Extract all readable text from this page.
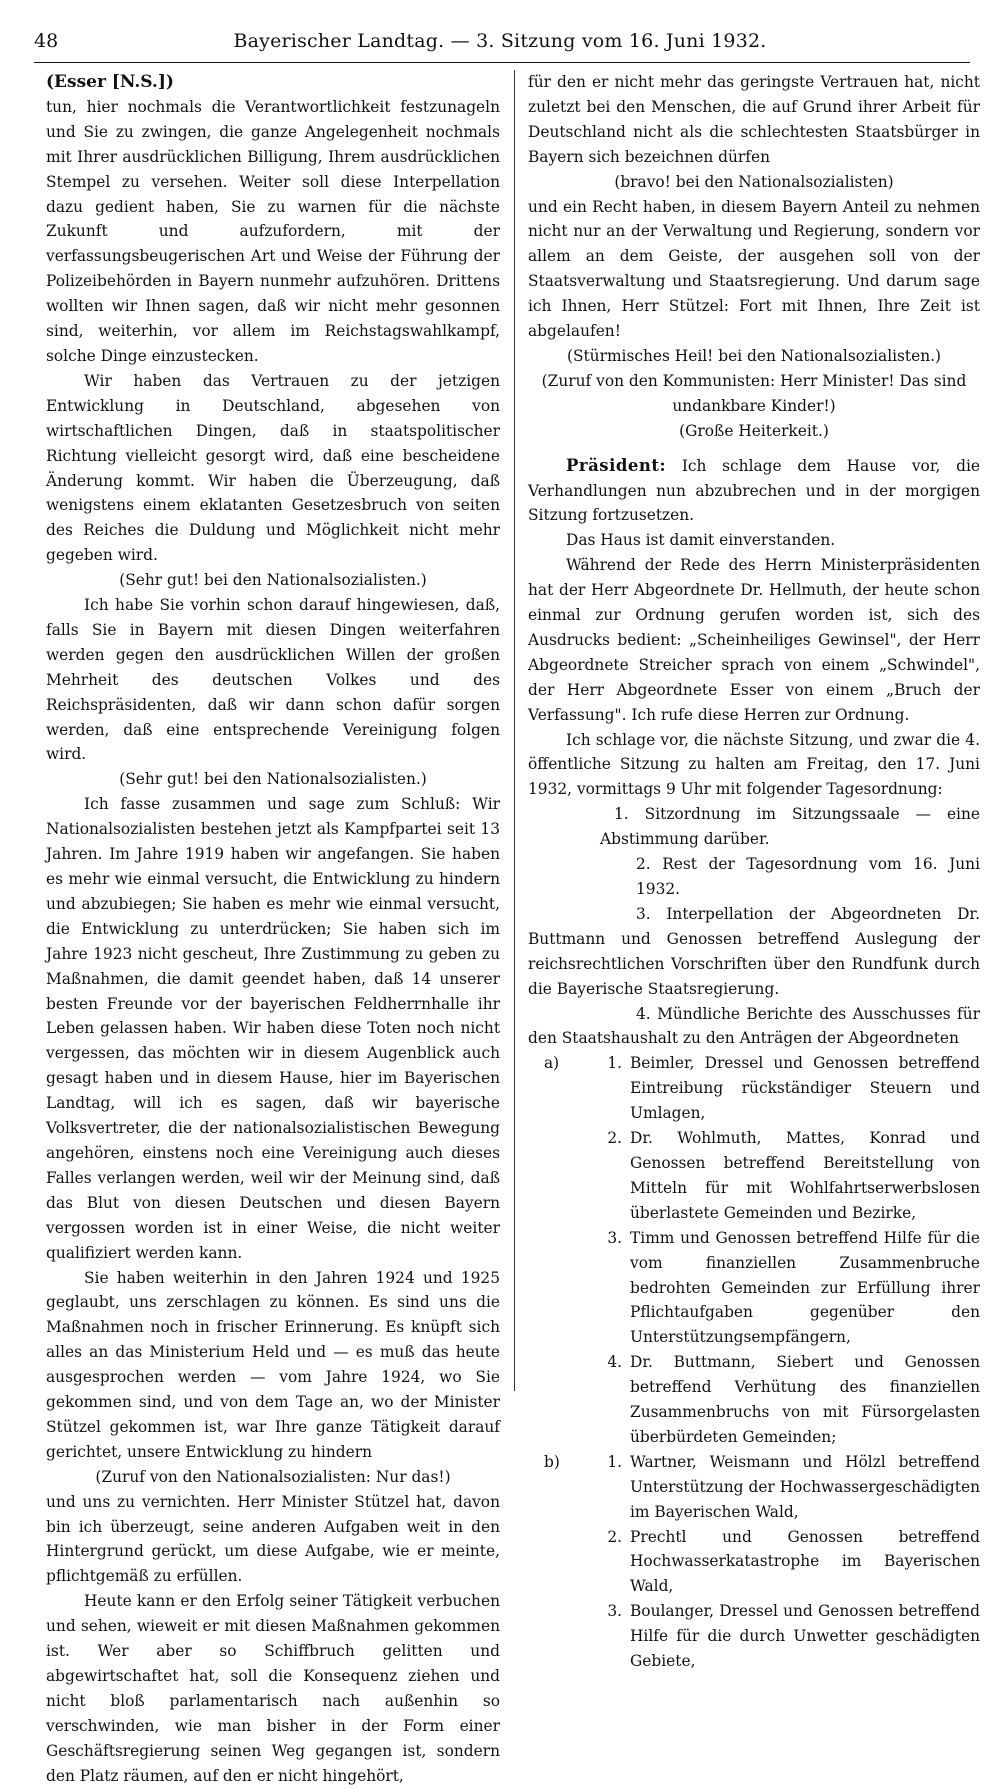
48	Bayerischer Landtag. — 3. Sitzung vom 16. Juni 1932.

(Esser [N.S.])

tun, hier nochmals die Verantwortlichkeit festzunageln und Sie zu zwingen, die ganze Angelegenheit nochmals mit Ihrer ausdrücklichen Billigung, Ihrem ausdrücklichen Stempel zu versehen. Weiter soll diese Interpellation dazu gedient haben, Sie zu warnen für die nächste Zukunft und aufzufordern, mit der verfassungsbeugerischen Art und Weise der Führung der Polizeibehörden in Bayern nunmehr aufzuhören. Drittens wollten wir Ihnen sagen, daß wir nicht mehr gesonnen sind, weiterhin, vor allem im Reichstagswahlkampf, solche Dinge einzustecken.

Wir haben das Vertrauen zu der jetzigen Entwicklung in Deutschland, abgesehen von wirtschaftlichen Dingen, daß in staatspolitischer Richtung vielleicht gesorgt wird, daß eine bescheidene Änderung kommt. Wir haben die Überzeugung, daß wenigstens einem eklatanten Gesetzesbruch von seiten des Reiches die Duldung und Möglichkeit nicht mehr gegeben wird.

(Sehr gut! bei den Nationalsozialisten.)

Ich habe Sie vorhin schon darauf hingewiesen, daß, falls Sie in Bayern mit diesen Dingen weiterfahren werden gegen den ausdrücklichen Willen der großen Mehrheit des deutschen Volkes und des Reichspräsidenten, daß wir dann schon dafür sorgen werden, daß eine entsprechende Vereinigung folgen wird.

(Sehr gut! bei den Nationalsozialisten.)

Ich fasse zusammen und sage zum Schluß: Wir Nationalsozialisten bestehen jetzt als Kampfpartei seit 13 Jahren. Im Jahre 1919 haben wir angefangen. Sie haben es mehr wie einmal versucht, die Entwicklung zu hindern und abzubiegen; Sie haben es mehr wie einmal versucht, die Entwicklung zu unterdrücken; Sie haben sich im Jahre 1923 nicht gescheut, Ihre Zustimmung zu geben zu Maßnahmen, die damit geendet haben, daß 14 unserer besten Freunde vor der bayerischen Feldherrnhalle ihr Leben gelassen haben. Wir haben diese Toten noch nicht vergessen, das möchten wir in diesem Augenblick auch gesagt haben und in diesem Hause, hier im Bayerischen Landtag, will ich es sagen, daß wir bayerische Volksvertreter, die der nationalsozialistischen Bewegung angehören, einstens noch eine Vereinigung auch dieses Falles verlangen werden, weil wir der Meinung sind, daß das Blut von diesen Deutschen und diesen Bayern vergossen worden ist in einer Weise, die nicht weiter qualifiziert werden kann.

Sie haben weiterhin in den Jahren 1924 und 1925 geglaubt, uns zerschlagen zu können. Es sind uns die Maßnahmen noch in frischer Erinnerung. Es knüpft sich alles an das Ministerium Held und — es muß das heute ausgesprochen werden — vom Jahre 1924, wo Sie gekommen sind, und von dem Tage an, wo der Minister Stützel gekommen ist, war Ihre ganze Tätigkeit darauf gerichtet, unsere Entwicklung zu hindern

(Zuruf von den Nationalsozialisten: Nur das!)

und uns zu vernichten. Herr Minister Stützel hat, davon bin ich überzeugt, seine anderen Aufgaben weit in den Hintergrund gerückt, um diese Aufgabe, wie er meinte, pflichtgemäß zu erfüllen.

Heute kann er den Erfolg seiner Tätigkeit verbuchen und sehen, wieweit er mit diesen Maßnahmen gekommen ist. Wer aber so Schiffbruch gelitten und abgewirtschaftet hat, soll die Konsequenz ziehen und nicht bloß parlamentarisch nach außenhin so verschwinden, wie man bisher in der Form einer Geschäftsregierung seinen Weg gegangen ist, sondern den Platz räumen, auf den er nicht hingehört,

für den er nicht mehr das geringste Vertrauen hat, nicht zuletzt bei den Menschen, die auf Grund ihrer Arbeit für Deutschland nicht als die schlechtesten Staatsbürger in Bayern sich bezeichnen dürfen

(bravo! bei den Nationalsozialisten)

und ein Recht haben, in diesem Bayern Anteil zu nehmen nicht nur an der Verwaltung und Regierung, sondern vor allem an dem Geiste, der ausgehen soll von der Staatsverwaltung und Staatsregierung. Und darum sage ich Ihnen, Herr Stützel: Fort mit Ihnen, Ihre Zeit ist abgelaufen!

(Stürmisches Heil! bei den Nationalsozialisten.)

(Zuruf von den Kommunisten: Herr Minister! Das sind undankbare Kinder!)

(Große Heiterkeit.)

Präsident: Ich schlage dem Hause vor, die Verhandlungen nun abzubrechen und in der morgigen Sitzung fortzusetzen.

Das Haus ist damit einverstanden.

Während der Rede des Herrn Ministerpräsidenten hat der Herr Abgeordnete Dr. Hellmuth, der heute schon einmal zur Ordnung gerufen worden ist, sich des Ausdrucks bedient: „Scheinheiliges Gewinsel", der Herr Abgeordnete Streicher sprach von einem „Schwindel", der Herr Abgeordnete Esser von einem „Bruch der Verfassung". Ich rufe diese Herren zur Ordnung.

Ich schlage vor, die nächste Sitzung, und zwar die 4. öffentliche Sitzung zu halten am Freitag, den 17. Juni 1932, vormittags 9 Uhr mit folgender Tagesordnung:

1. Sitzordnung im Sitzungssaale — eine Abstimmung darüber.

2. Rest der Tagesordnung vom 16. Juni 1932.

3. Interpellation der Abgeordneten Dr. Buttmann und Genossen betreffend Auslegung der reichsrechtlichen Vorschriften über den Rundfunk durch die Bayerische Staatsregierung.

4. Mündliche Berichte des Ausschusses für den Staatshaushalt zu den Anträgen der Abgeordneten

a)	1. Beimler, Dressel und Genossen betreffend Eintreibung rückständiger Steuern und Umlagen,
2. Dr. Wohlmuth, Mattes, Konrad und Genossen betreffend Bereitstellung von Mitteln für mit Wohlfahrtserwerbslosen überlastete Gemeinden und Bezirke,
3. Timm und Genossen betreffend Hilfe für die vom finanziellen Zusammenbruche bedrohten Gemeinden zur Erfüllung ihrer Pflichtaufgaben gegenüber den Unterstützungsempfängern,
4. Dr. Buttmann, Siebert und Genossen betreffend Verhütung des finanziellen Zusammenbruchs von mit Fürsorgelasten überbürdeten Gemeinden;
b)	1. Wartner, Weismann und Hölzl betreffend Unterstützung der Hochwassergeschädigten im Bayerischen Wald,
2. Prechtl und Genossen betreffend Hochwasserkatastrophe im Bayerischen Wald,
3. Boulanger, Dressel und Genossen betreffend Hilfe für die durch Unwetter geschädigten Gebiete,
